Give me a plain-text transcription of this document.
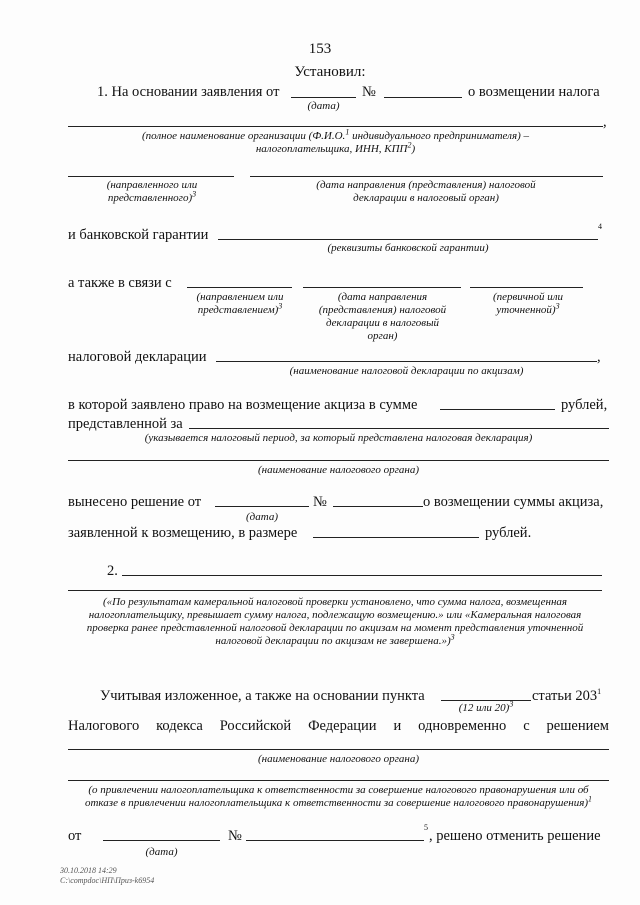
153
Установил:
1. На основании заявления от
(дата)
№	о возмещении налога
,
(полное наименование организации (Ф.И.О.$^1$ индивидуального предпринимателя) –
налогоплательщика, ИНН, КПП$^2$)
(направленного или представленного)$^3$
(дата направления (представления) налоговой декларации в налоговый орган)
и банковской гарантии
4
(реквизиты банковской гарантии)
а также в связи с
(направлением или представлением)$^3$
(дата направления (представления) налоговой декларации в налоговый орган)
(первичной или уточненной)$^3$
налоговой декларации	,
(наименование налоговой декларации по акцизам)
в которой заявлено право на возмещение акциза в сумме	рублей,
представленной за
(указывается налоговый период, за который представлена налоговая декларация)
(наименование налогового органа)
вынесено решение от
(дата)
№	о возмещении суммы акциза,
заявленной к возмещению, в размере	рублей.
2.
(«По результатам камеральной налоговой проверки установлено, что сумма налога, возмещенная налогоплательщику, превышает сумму налога, подлежащую возмещению.» или «Камеральная налоговая проверка ранее представленной налоговой декларации по акцизам на момент представления уточненной налоговой декларации по акцизам не завершена.»)$^3$
Учитывая изложенное, а также на основании пункта
(12 или 20)$^3$	статьи $203^1$
Налогового кодекса Российской Федерации и одновременно с решением
(наименование налогового органа)
(о привлечении налогоплательщика к ответственности за совершение налогового правонарушения или об отказе в привлечении налогоплательщика к ответственности за совершение налогового правонарушения)$^1$
от
(дата)
№
5
, решено отменить решение
30.10.2018 14:29
С:\compdoc\НП\Приз-k6954
